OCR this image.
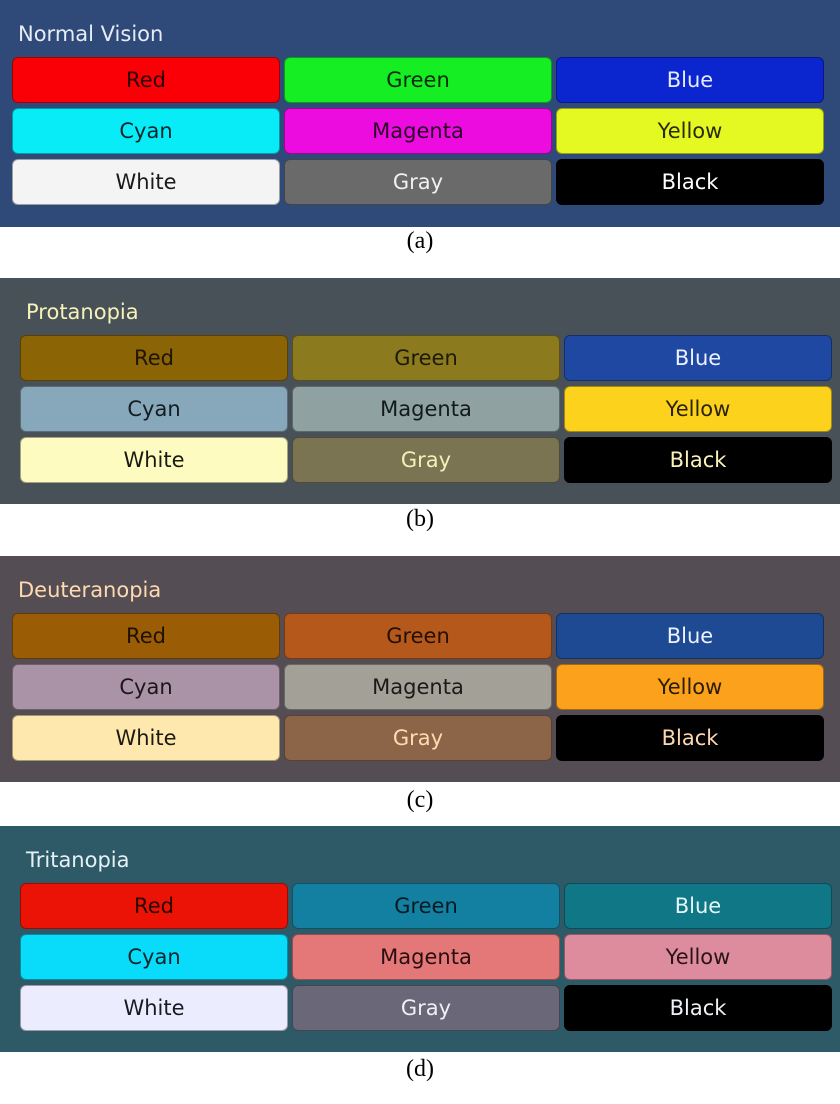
Normal Vision
Red	Green	Blue
Cyan	Magenta	Yellow
White	Gray	Black
(a)
Protanopia
Red	Green	Blue
Cyan	Magenta	Yellow
White	Gray	Black
(b)
Deuteranopia
Red	Green	Blue
Cyan	Magenta	Yellow
White	Gray	Black
(c)
Tritanopia
Red	Green	Blue
Cyan	Magenta	Yellow
White	Gray	Black
(d)
